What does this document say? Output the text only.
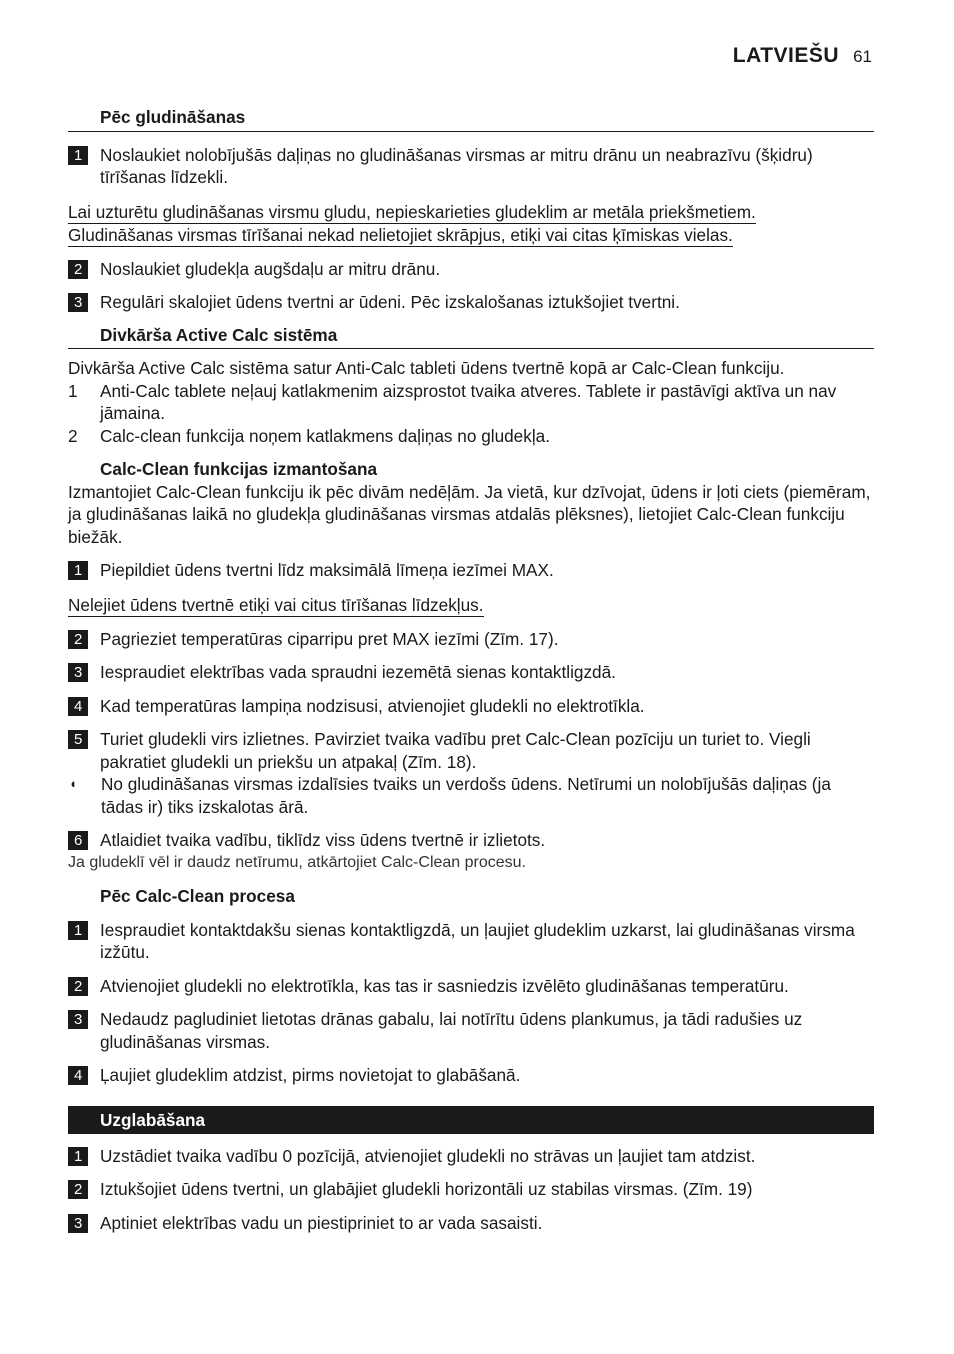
LATVIEŠU 61
Pēc gludināšanas
1	Noslaukiet nolobījušās daļiņas no gludināšanas virsmas ar mitru drānu un neabrazīvu (šķidru) tīrīšanas līdzekli.
Lai uzturētu gludināšanas virsmu gludu, nepieskarieties gludeklim ar metāla priekšmetiem.
Gludināšanas virsmas tīrīšanai nekad nelietojiet skrāpjus, etiķi vai citas ķīmiskas vielas.
2	Noslaukiet gludekļa augšdaļu ar mitru drānu.
3	Regulāri skalojiet ūdens tvertni ar ūdeni. Pēc izskalošanas iztukšojiet tvertni.
Divkārša Active Calc sistēma
Divkārša Active Calc sistēma satur Anti-Calc tableti ūdens tvertnē kopā ar Calc-Clean funkciju.
1	Anti-Calc tablete neļauj katlakmenim aizsprostot tvaika atveres. Tablete ir pastāvīgi aktīva un nav jāmaina.
2	Calc-clean funkcija noņem katlakmens daļiņas no gludekļa.
Calc-Clean funkcijas izmantošana
Izmantojiet Calc-Clean funkciju ik pēc divām nedēļām. Ja vietā, kur dzīvojat, ūdens ir ļoti ciets (piemēram, ja gludināšanas laikā no gludekļa gludināšanas virsmas atdalās plēksnes), lietojiet Calc-Clean funkciju biežāk.
1	Piepildiet ūdens tvertni līdz maksimālā līmeņa iezīmei MAX.
Nelejiet ūdens tvertnē etiķi vai citus tīrīšanas līdzekļus.
2	Pagrieziet temperatūras ciparripu pret MAX iezīmi (Zīm. 17).
3	Iespraudiet elektrības vada spraudni iezemētā sienas kontaktligzdā.
4	Kad temperatūras lampiņa nodzisusi, atvienojiet gludekli no elektrotīkla.
5	Turiet gludekli virs izlietnes. Pavirziet tvaika vadību pret Calc-Clean pozīciju un turiet to. Viegli pakratiet gludekli un priekšu un atpakaļ (Zīm. 18).
◖	No gludināšanas virsmas izdalīsies tvaiks un verdošs ūdens. Netīrumi un nolobījušās daļiņas (ja tādas ir) tiks izskalotas ārā.
6	Atlaidiet tvaika vadību, tiklīdz viss ūdens tvertnē ir izlietots.
Ja gludeklī vēl ir daudz netīrumu, atkārtojiet Calc-Clean procesu.
Pēc Calc-Clean procesa
1	Iespraudiet kontaktdakšu sienas kontaktligzdā, un ļaujiet gludeklim uzkarst, lai gludināšanas virsma izžūtu.
2	Atvienojiet gludekli no elektrotīkla, kas tas ir sasniedzis izvēlēto gludināšanas temperatūru.
3	Nedaudz pagludiniet lietotas drānas gabalu, lai notīrītu ūdens plankumus, ja tādi radušies uz gludināšanas virsmas.
4	Ļaujiet gludeklim atdzist, pirms novietojat to glabāšanā.
Uzglabāšana
1	Uzstādiet tvaika vadību 0 pozīcijā, atvienojiet gludekli no strāvas un ļaujiet tam atdzist.
2	Iztukšojiet ūdens tvertni, un glabājiet gludekli horizontāli uz stabilas virsmas. (Zīm. 19)
3	Aptiniet elektrības vadu un piestipriniet to ar vada sasaisti.
